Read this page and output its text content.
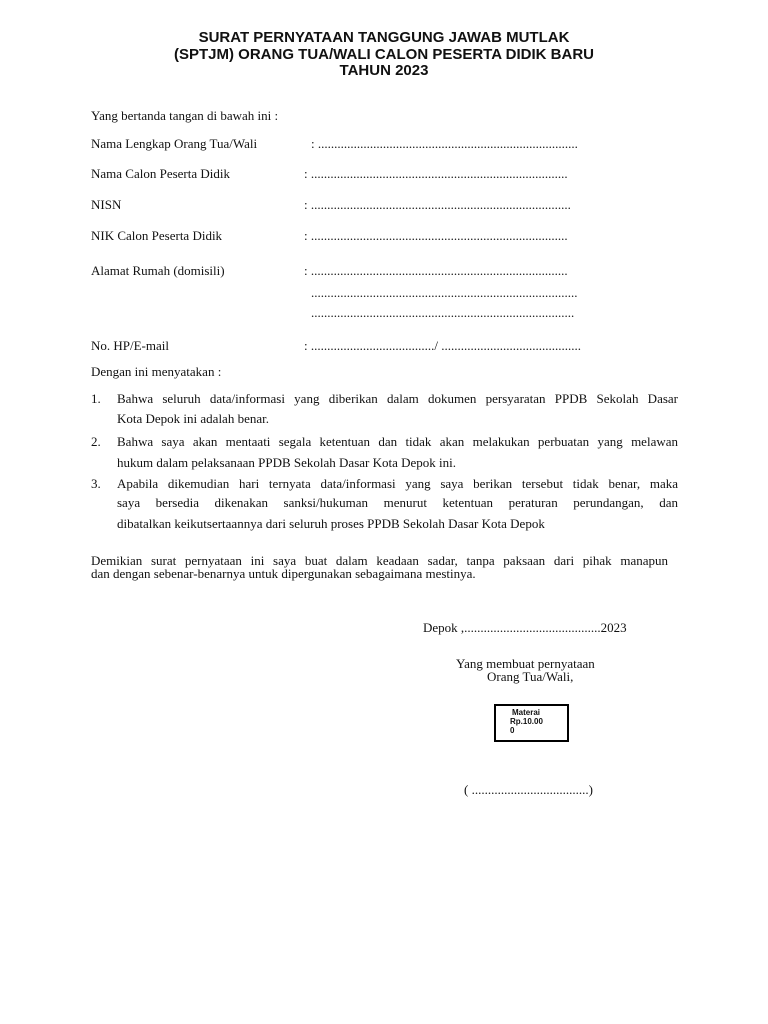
SURAT PERNYATAAN TANGGUNG JAWAB MUTLAK
(SPTJM) ORANG TUA/WALI CALON PESERTA DIDIK BARU
TAHUN 2023
Yang bertanda tangan di bawah ini :
Nama Lengkap Orang Tua/Wali	: ................................................................................
Nama Calon Peserta Didik	: ...............................................................................
NISN	: ................................................................................
NIK Calon Peserta Didik	: ...............................................................................
Alamat Rumah (domisili)	: ...............................................................................
..................................................................................
.................................................................................
No. HP/E-mail	: ....................................../ ...........................................
Dengan ini menyatakan :
1. Bahwa seluruh data/informasi yang diberikan dalam dokumen persyaratan PPDB Sekolah Dasar
Kota Depok ini adalah benar.
2. Bahwa saya akan mentaati segala ketentuan dan tidak akan melakukan perbuatan yang melawan
hukum dalam pelaksanaan PPDB Sekolah Dasar Kota Depok ini.
3. Apabila dikemudian hari ternyata data/informasi yang saya berikan tersebut tidak benar, maka
saya bersedia dikenakan sanksi/hukuman menurut ketentuan peraturan perundangan, dan
dibatalkan keikutsertaannya dari seluruh proses PPDB Sekolah Dasar Kota Depok
Demikian surat pernyataan ini saya buat dalam keadaan sadar, tanpa paksaan dari pihak manapun
dan dengan sebenar-benarnya untuk dipergunakan sebagaimana mestinya.
Depok ,..........................................2023
Yang membuat pernyataan
Orang Tua/Wali,
Materai
Rp.10.00
0
( ....................................)
